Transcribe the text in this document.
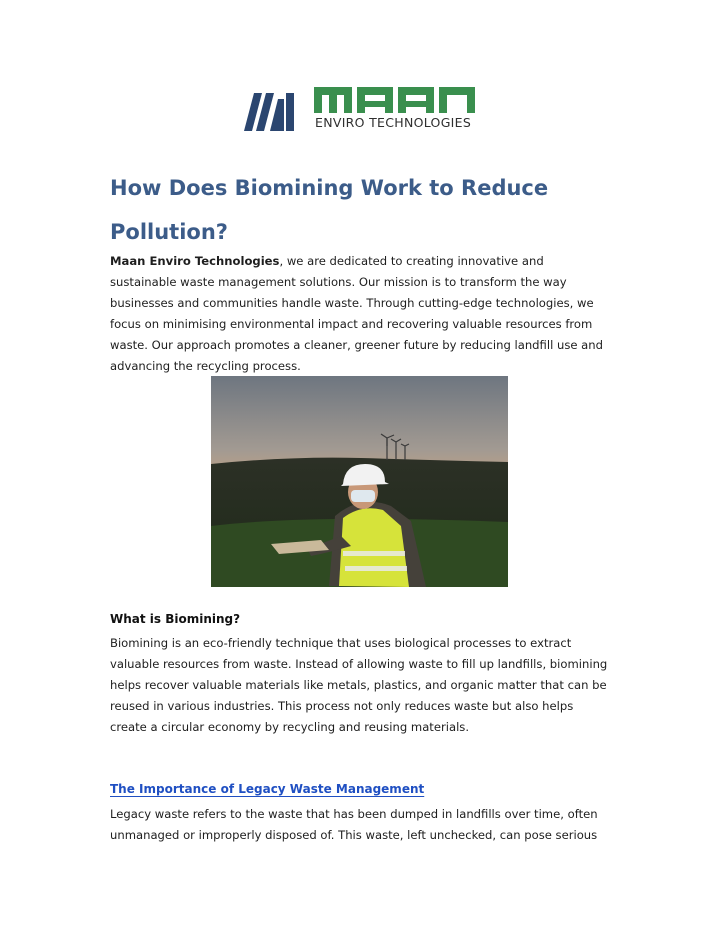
ENVIRO TECHNOLOGIES
How Does Biomining Work to Reduce Pollution?

Maan Enviro Technologies, we are dedicated to creating innovative and sustainable waste management solutions. Our mission is to transform the way businesses and communities handle waste. Through cutting-edge technologies, we focus on minimising environmental impact and recovering valuable resources from waste. Our approach promotes a cleaner, greener future by reducing landfill use and advancing the recycling process.

What is Biomining?

Biomining is an eco-friendly technique that uses biological processes to extract valuable resources from waste. Instead of allowing waste to fill up landfills, biomining helps recover valuable materials like metals, plastics, and organic matter that can be reused in various industries. This process not only reduces waste but also helps create a circular economy by recycling and reusing materials.

The Importance of Legacy Waste Management

Legacy waste refers to the waste that has been dumped in landfills over time, often unmanaged or improperly disposed of. This waste, left unchecked, can pose serious
